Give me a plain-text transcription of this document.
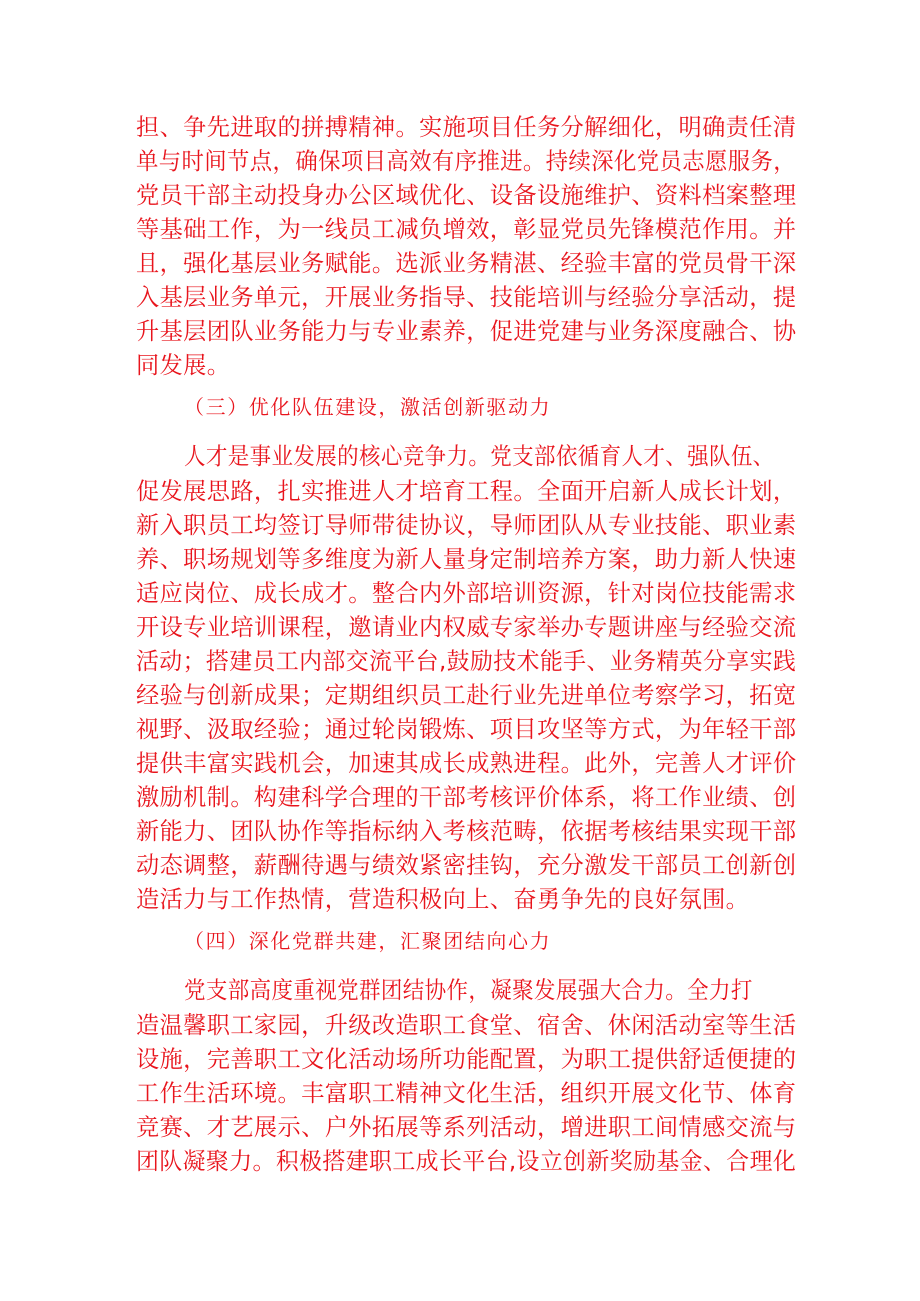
担、争先进取的拼搏精神。实施项目任务分解细化，明确责任清
单与时间节点，确保项目高效有序推进。持续深化党员志愿服务，
党员干部主动投身办公区域优化、设备设施维护、资料档案整理
等基础工作，为一线员工减负增效，彰显党员先锋模范作用。并
且，强化基层业务赋能。选派业务精湛、经验丰富的党员骨干深
入基层业务单元，开展业务指导、技能培训与经验分享活动，提
升基层团队业务能力与专业素养，促进党建与业务深度融合、协
同发展。
（三）优化队伍建设，激活创新驱动力
人才是事业发展的核心竞争力。党支部依循育人才、强队伍、
促发展思路，扎实推进人才培育工程。全面开启新人成长计划，
新入职员工均签订导师带徒协议，导师团队从专业技能、职业素
养、职场规划等多维度为新人量身定制培养方案，助力新人快速
适应岗位、成长成才。整合内外部培训资源，针对岗位技能需求
开设专业培训课程，邀请业内权威专家举办专题讲座与经验交流
活动；搭建员工内部交流平台,鼓励技术能手、业务精英分享实践
经验与创新成果；定期组织员工赴行业先进单位考察学习，拓宽
视野、汲取经验；通过轮岗锻炼、项目攻坚等方式，为年轻干部
提供丰富实践机会，加速其成长成熟进程。此外，完善人才评价
激励机制。构建科学合理的干部考核评价体系，将工作业绩、创
新能力、团队协作等指标纳入考核范畴，依据考核结果实现干部
动态调整，薪酬待遇与绩效紧密挂钩，充分激发干部员工创新创
造活力与工作热情，营造积极向上、奋勇争先的良好氛围。
（四）深化党群共建，汇聚团结向心力
党支部高度重视党群团结协作，凝聚发展强大合力。全力打
造温馨职工家园，升级改造职工食堂、宿舍、休闲活动室等生活
设施，完善职工文化活动场所功能配置，为职工提供舒适便捷的
工作生活环境。丰富职工精神文化生活，组织开展文化节、体育
竞赛、才艺展示、户外拓展等系列活动，增进职工间情感交流与
团队凝聚力。积极搭建职工成长平台,设立创新奖励基金、合理化
